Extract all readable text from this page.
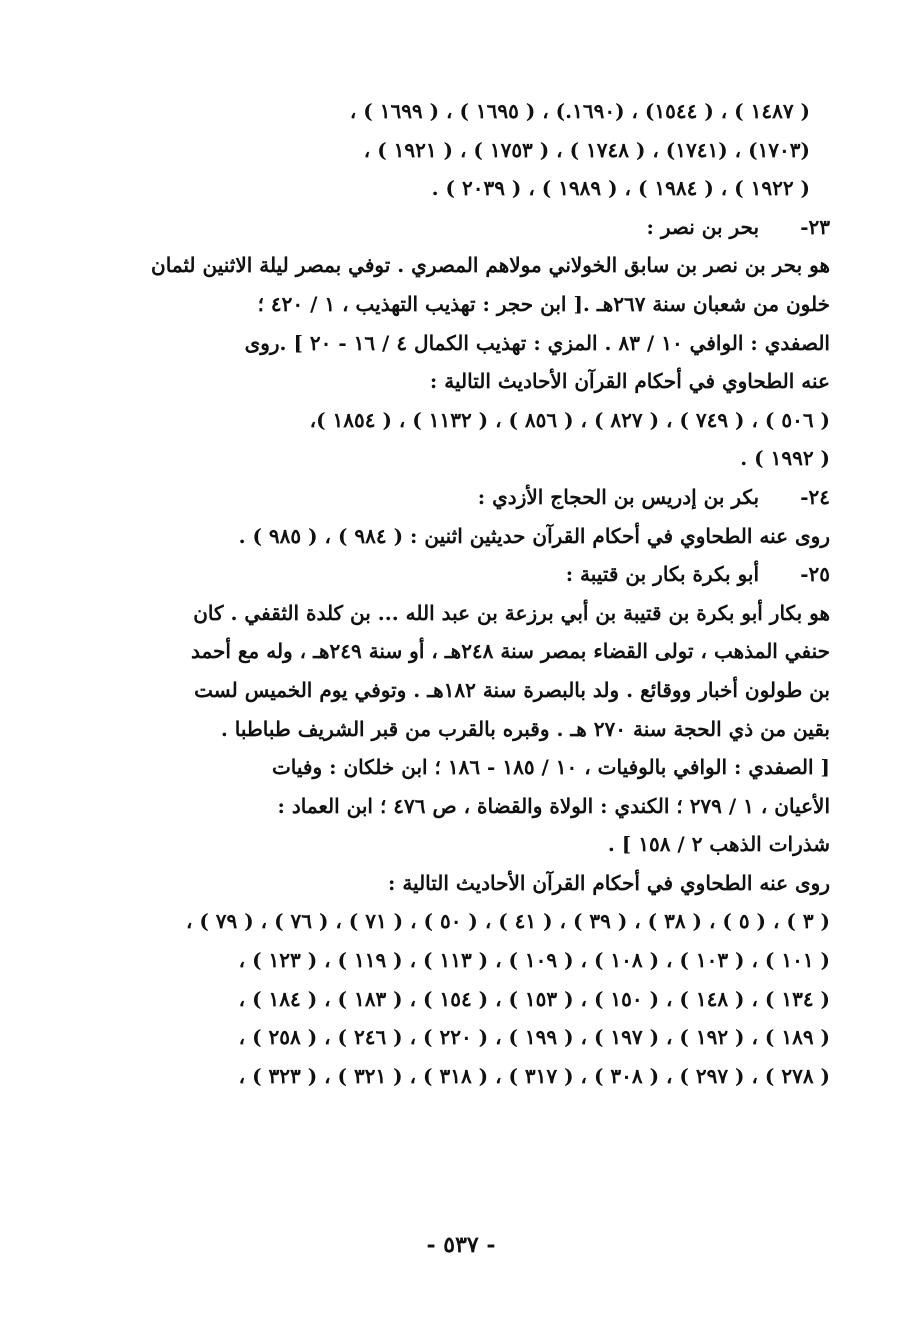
( ١٤٨٧ ) ، ( ١٥٤٤) ، (١٦٩٠.) ، ( ١٦٩٥ ) ، ( ١٦٩٩ ) ،
(١٧٠٣) ، (١٧٤١) ، ( ١٧٤٨ ) ، ( ١٧٥٣ ) ، ( ١٩٢١ ) ،
( ١٩٢٢ ) ، ( ١٩٨٤ ) ، ( ١٩٨٩ ) ، ( ٢٠٣٩ ) .
٢٣- بحر بن نصر :
هو بحر بن نصر بن سابق الخولاني مولاهم المصري . توفي بمصر ليلة الاثنين لثمان
خلون من شعبان سنة ٢٦٧هـ .[ ابن حجر : تهذيب التهذيب ، ١ / ٤٢٠ ؛
الصفدي : الوافي ١٠ / ٨٣ . المزي : تهذيب الكمال ٤ / ١٦ - ٢٠ ] .روى
عنه الطحاوي في أحكام القرآن الأحاديث التالية :
( ٥٠٦ ) ، ( ٧٤٩ ) ، ( ٨٢٧ ) ، ( ٨٥٦ ) ، ( ١١٣٢ ) ، ( ١٨٥٤ )،
( ١٩٩٢ ) .
٢٤- بكر بن إدريس بن الحجاج الأزدي :
روى عنه الطحاوي في أحكام القرآن حديثين اثنين : ( ٩٨٤ ) ، ( ٩٨٥ ) .
٢٥- أبو بكرة بكار بن قتيبة :
هو بكار أبو بكرة بن قتيبة بن أبي برزعة بن عبد الله ... بن كلدة الثقفي . كان
حنفي المذهب ، تولى القضاء بمصر سنة ٢٤٨هـ ، أو سنة ٢٤٩هـ ، وله مع أحمد
بن طولون أخبار ووقائع . ولد بالبصرة سنة ١٨٢هـ . وتوفي يوم الخميس لست
بقين من ذي الحجة سنة ٢٧٠ هـ . وقبره بالقرب من قبر الشريف طباطبا .
[ الصفدي : الوافي بالوفيات ، ١٠ / ١٨٥ - ١٨٦ ؛ ابن خلكان : وفيات
الأعيان ، ١ / ٢٧٩ ؛ الكندي : الولاة والقضاة ، ص ٤٧٦ ؛ ابن العماد :
شذرات الذهب ٢ / ١٥٨ ] .
روى عنه الطحاوي في أحكام القرآن الأحاديث التالية :
( ٣ ) ، ( ٥ ) ، ( ٣٨ ) ، ( ٣٩ ) ، ( ٤١ ) ، ( ٥٠ ) ، ( ٧١ ) ، ( ٧٦ ) ، ( ٧٩ ) ،
( ١٠١ ) ، ( ١٠٣ ) ، ( ١٠٨ ) ، ( ١٠٩ ) ، ( ١١٣ ) ، ( ١١٩ ) ، ( ١٢٣ ) ،
( ١٣٤ ) ، ( ١٤٨ ) ، ( ١٥٠ ) ، ( ١٥٣ ) ، ( ١٥٤ ) ، ( ١٨٣ ) ، ( ١٨٤ ) ،
( ١٨٩ ) ، ( ١٩٢ ) ، ( ١٩٧ ) ، ( ١٩٩ ) ، ( ٢٢٠ ) ، ( ٢٤٦ ) ، ( ٢٥٨ ) ،
( ٢٧٨ ) ، ( ٢٩٧ ) ، ( ٣٠٨ ) ، ( ٣١٧ ) ، ( ٣١٨ ) ، ( ٣٢١ ) ، ( ٣٢٣ ) ،
- ٥٣٧ -
